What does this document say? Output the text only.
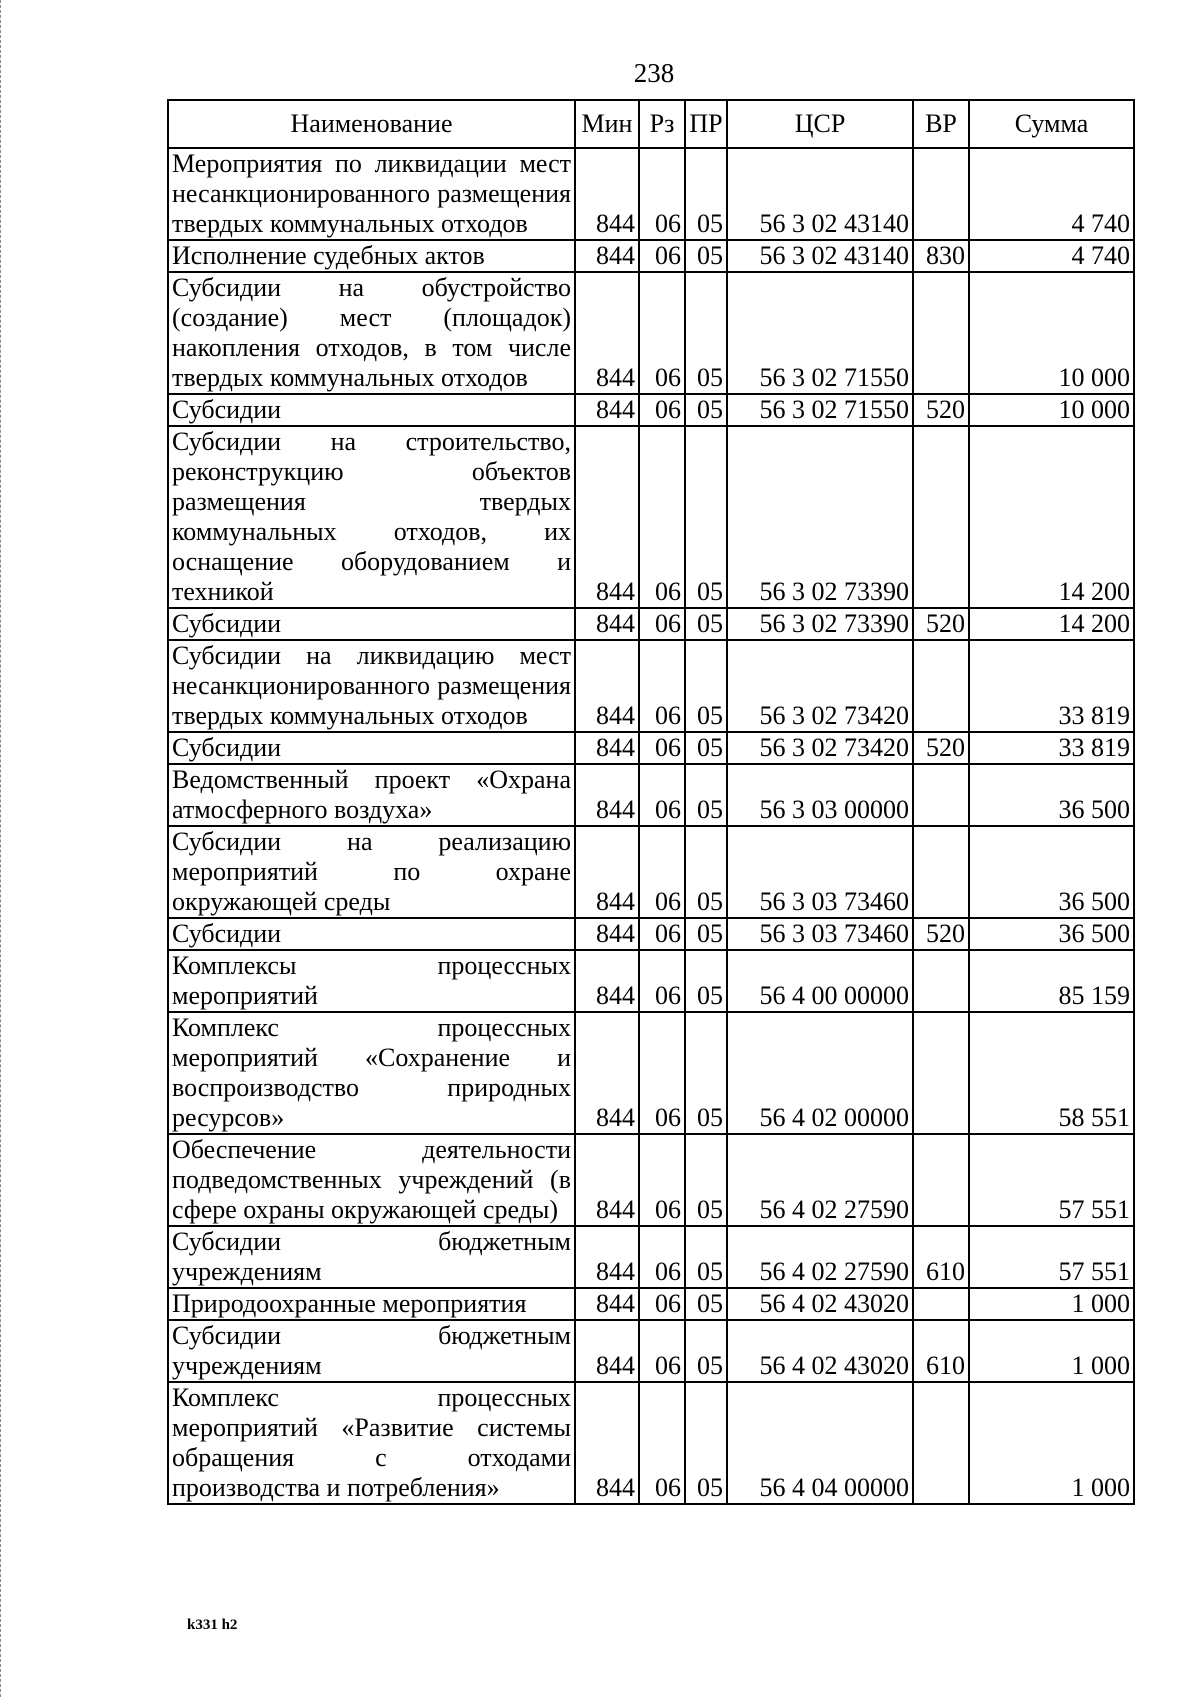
238
Наименование	Мин	Рз	ПР	ЦСР	ВР	Сумма
Мероприятия по ликвидации мест несанкционированного размещения твердых коммунальных отходов	844	06	05	56 3 02 43140		4 740
Исполнение судебных актов	844	06	05	56 3 02 43140	830	4 740
Субсидии на обустройство (создание) мест (площадок) накопления отходов, в том числе твердых коммунальных отходов	844	06	05	56 3 02 71550		10 000
Субсидии	844	06	05	56 3 02 71550	520	10 000
Субсидии на строительство, реконструкцию объектов размещения твердых коммунальных отходов, их оснащение оборудованием и техникой	844	06	05	56 3 02 73390		14 200
Субсидии	844	06	05	56 3 02 73390	520	14 200
Субсидии на ликвидацию мест несанкционированного размещения твердых коммунальных отходов	844	06	05	56 3 02 73420		33 819
Субсидии	844	06	05	56 3 02 73420	520	33 819
Ведомственный проект «Охрана атмосферного воздуха»	844	06	05	56 3 03 00000		36 500
Субсидии на реализацию мероприятий по охране окружающей среды	844	06	05	56 3 03 73460		36 500
Субсидии	844	06	05	56 3 03 73460	520	36 500
Комплексы процессных мероприятий	844	06	05	56 4 00 00000		85 159
Комплекс процессных мероприятий «Сохранение и воспроизводство природных ресурсов»	844	06	05	56 4 02 00000		58 551
Обеспечение деятельности подведомственных учреждений (в сфере охраны окружающей среды)	844	06	05	56 4 02 27590		57 551
Субсидии бюджетным учреждениям	844	06	05	56 4 02 27590	610	57 551
Природоохранные мероприятия	844	06	05	56 4 02 43020		1 000
Субсидии бюджетным учреждениям	844	06	05	56 4 02 43020	610	1 000
Комплекс процессных мероприятий «Развитие системы обращения с отходами производства и потребления»	844	06	05	56 4 04 00000		1 000
k331 h2
